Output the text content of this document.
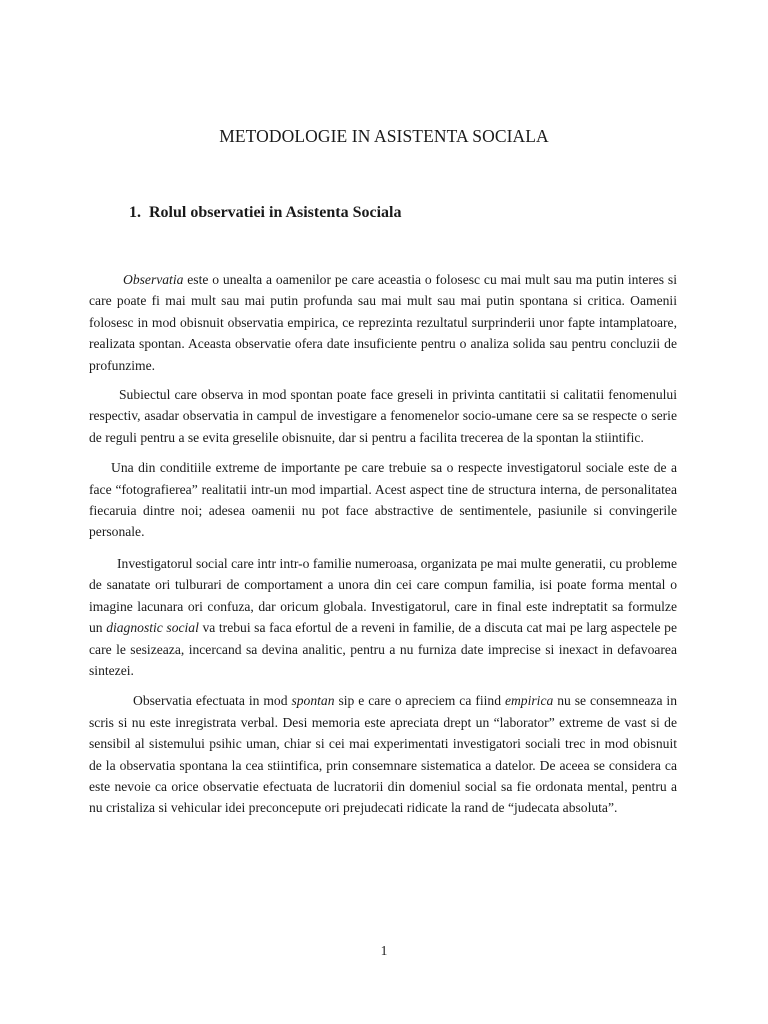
METODOLOGIE IN ASISTENTA SOCIALA
1. Rolul observatiei in Asistenta Sociala

Observatia este o unealta a oamenilor pe care aceastia o folosesc cu mai mult sau ma putin interes si care poate fi mai mult sau mai putin profunda sau mai mult sau mai putin spontana si critica. Oamenii folosesc in mod obisnuit observatia empirica, ce reprezinta rezultatul surprinderii unor fapte intamplatoare, realizata spontan. Aceasta observatie ofera date insuficiente pentru o analiza solida sau pentru concluzii de profunzime.

Subiectul care observa in mod spontan poate face greseli in privinta cantitatii si calitatii fenomenului respectiv, asadar observatia in campul de investigare a fenomenelor socio-umane cere sa se respecte o serie de reguli pentru a se evita greselile obisnuite, dar si pentru a facilita trecerea de la spontan la stiintific.

Una din conditiile extreme de importante pe care trebuie sa o respecte investigatorul sociale este de a face “fotografierea” realitatii intr-un mod impartial. Acest aspect tine de structura interna, de personalitatea fiecaruia dintre noi; adesea oamenii nu pot face abstractive de sentimentele, pasiunile si convingerile personale.

Investigatorul social care intr intr-o familie numeroasa, organizata pe mai multe generatii, cu probleme de sanatate ori tulburari de comportament a unora din cei care compun familia, isi poate forma mental o imagine lacunara ori confuza, dar oricum globala. Investigatorul, care in final este indreptatit sa formulze un diagnostic social va trebui sa faca efortul de a reveni in familie, de a discuta cat mai pe larg aspectele pe care le sesizeaza, incercand sa devina analitic, pentru a nu furniza date imprecise si inexact in defavoarea sintezei.

Observatia efectuata in mod spontan sip e care o apreciem ca fiind empirica nu se consemneaza in scris si nu este inregistrata verbal. Desi memoria este apreciata drept un “laborator” extreme de vast si de sensibil al sistemului psihic uman, chiar si cei mai experimentati investigatori sociali trec in mod obisnuit de la observatia spontana la cea stiintifica, prin consemnare sistematica a datelor. De aceea se considera ca este nevoie ca orice observatie efectuata de lucratorii din domeniul social sa fie ordonata mental, pentru a nu cristaliza si vehicular idei preconcepute ori prejudecati ridicate la rand de “judecata absoluta”.

1
